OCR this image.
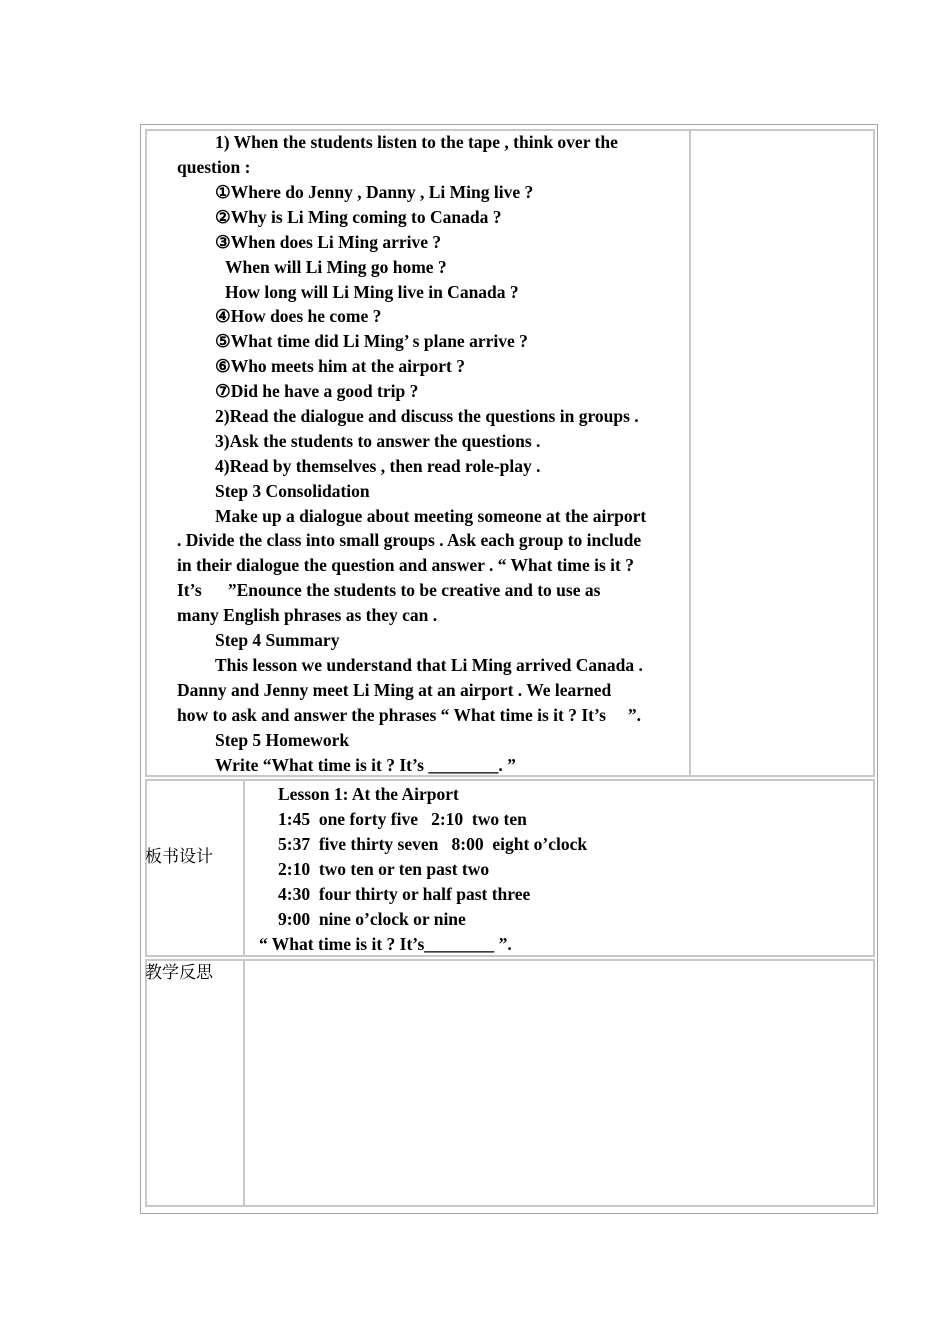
1) When the students listen to the tape , think over the
question :
①Where do Jenny , Danny , Li Ming live ?
②Why is Li Ming coming to Canada ?
③When does Li Ming arrive ?
When will Li Ming go home ?
How long will Li Ming live in Canada ?
④How does he come ?
⑤What time did Li Ming’ s plane arrive ?
⑥Who meets him at the airport ?
⑦Did he have a good trip ?
2)Read the dialogue and discuss the questions in groups .
3)Ask the students to answer the questions .
4)Read by themselves , then read role-play .
Step 3 Consolidation
Make up a dialogue about meeting someone at the airport
. Divide the class into small groups . Ask each group to include
in their dialogue the question and answer . “ What time is it ?
It’s      ”Enounce the students to be creative and to use as
many English phrases as they can .
Step 4 Summary
This lesson we understand that Li Ming arrived Canada .
Danny and Jenny meet Li Ming at an airport . We learned
how to ask and answer the phrases “ What time is it ? It’s     ”.
Step 5 Homework
Write “What time is it ? It’s ________. ”
板书设计
Lesson 1: At the Airport
1:45  one forty five   2:10  two ten
5:37  five thirty seven   8:00  eight o’clock
2:10  two ten or ten past two
4:30  four thirty or half past three
9:00  nine o’clock or nine
“ What time is it ? It’s________ ”.
教学反思
